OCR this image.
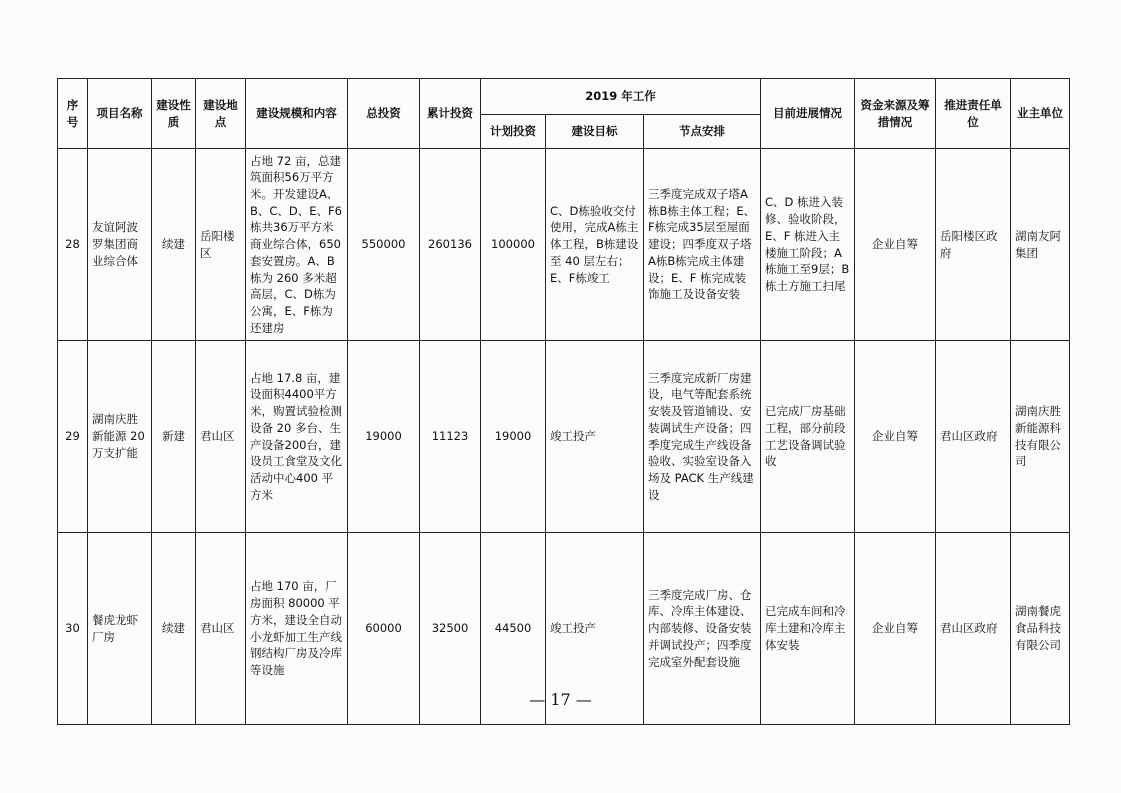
序号	项目名称	建设性质	建设地点	建设规模和内容	总投资	累计投资	2019 年工作			目前进展情况	资金来源及筹措情况	推进责任单　位	业主单位
							计划投资	建设目标	节点安排				
28	友谊阿波罗集团商业综合体	续建	岳阳楼区	占地 72 亩，总建筑面积56万平方米。开发建设A、B、C、D、E、F6栋共36万平方米商业综合体，650套安置房。A、B栋为 260 多米超高层，C、D栋为公寓，E、F栋为还建房	550000	260136	100000	C、D栋验收交付使用，完成A栋主体工程，B栋建设至 40 层左右；E、F栋竣工	三季度完成双子塔A栋B栋主体工程；E、F栋完成35层至屋面建设；四季度双子塔A栋B栋完成主体建设；E、F 栋完成装饰施工及设备安装	C、D 栋进入装修、验收阶段，E、F 栋进入主楼施工阶段；A 栋施工至9层；B 栋土方施工扫尾	企业自筹	岳阳楼区政府	湖南友阿集团
29	湖南庆胜新能源 20 万支扩能	新建	君山区	占地 17.8 亩，建设面积4400平方米，购置试验检测设备 20 多台、生产设备200台，建设员工食堂及文化活动中心400 平方米	19000	11123	19000	竣工投产	三季度完成新厂房建设，电气等配套系统安装及管道铺设、安装调试生产设备；四季度完成生产线设备验收、实验室设备入场及 PACK 生产线建设	已完成厂房基础工程，部分前段工艺设备调试验收	企业自筹	君山区政府	湖南庆胜新能源科技有限公司
30	餐虎龙虾厂房	续建	君山区	占地 170 亩，厂房面积 80000 平方米，建设全自动小龙虾加工生产线钢结构厂房及冷库等设施	60000	32500	44500	竣工投产	三季度完成厂房、仓库、冷库主体建设、内部装修、设备安装并调试投产；四季度完成室外配套设施	已完成车间和冷库土建和冷库主体安装	企业自筹	君山区政府	湖南餐虎食品科技有限公司
— 17 —
